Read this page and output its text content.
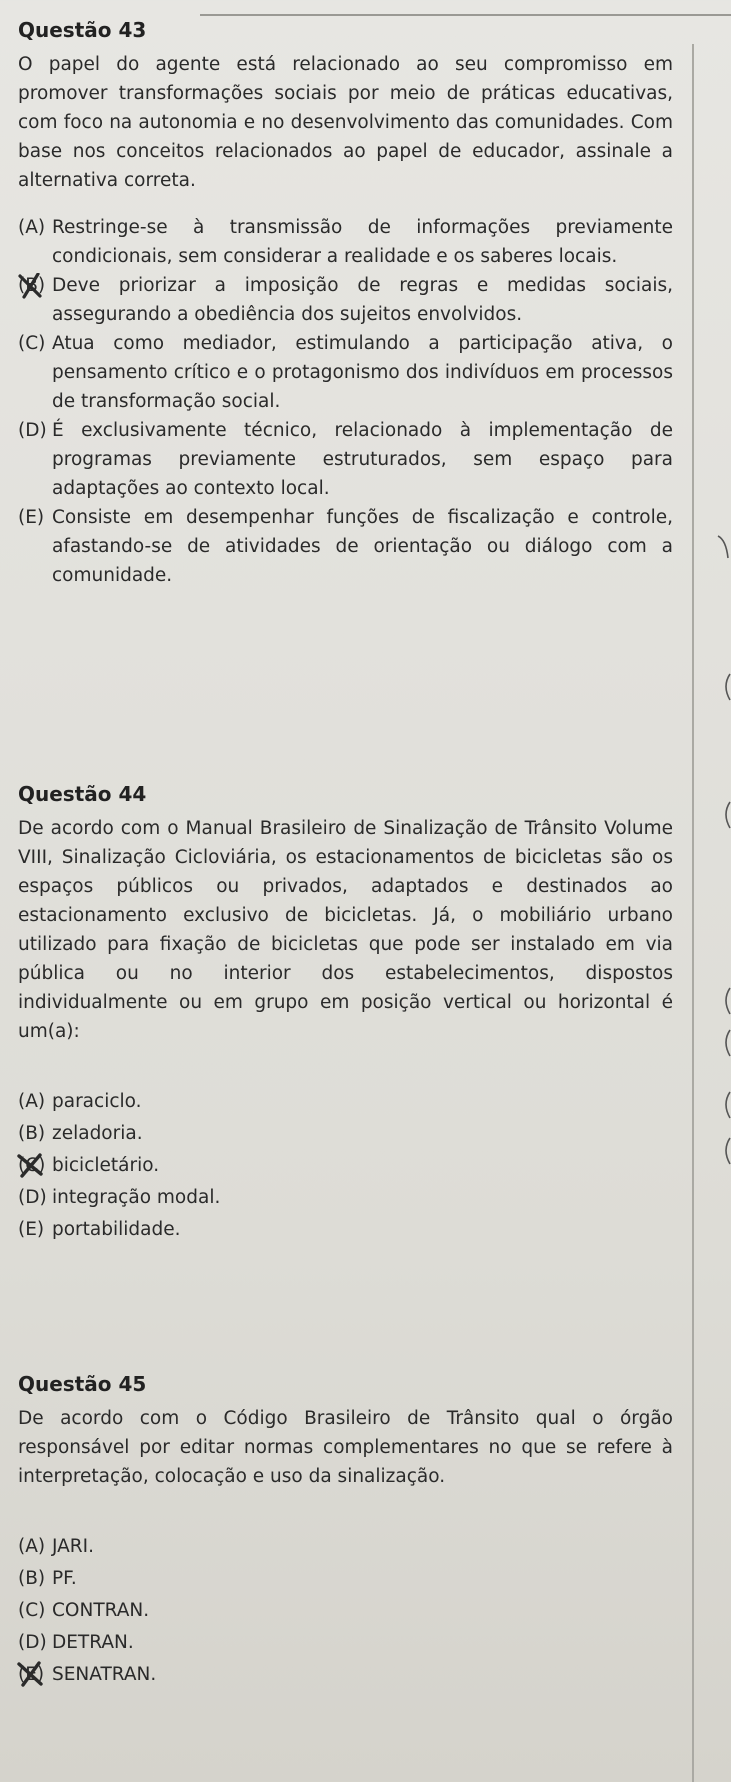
Questão 43
O papel do agente está relacionado ao seu compromisso em promover transformações sociais por meio de práticas educativas, com foco na autonomia e no desenvolvimento das comunidades. Com base nos conceitos relacionados ao papel de educador, assinale a alternativa correta.
(A) Restringe-se à transmissão de informações previamente condicionais, sem considerar a realidade e os saberes locais.
(B) Deve priorizar a imposição de regras e medidas sociais, assegurando a obediência dos sujeitos envolvidos.
(C) Atua como mediador, estimulando a participação ativa, o pensamento crítico e o protagonismo dos indivíduos em processos de transformação social.
(D) É exclusivamente técnico, relacionado à implementação de programas previamente estruturados, sem espaço para adaptações ao contexto local.
(E) Consiste em desempenhar funções de fiscalização e controle, afastando-se de atividades de orientação ou diálogo com a comunidade.
Questão 44
De acordo com o Manual Brasileiro de Sinalização de Trânsito Volume VIII, Sinalização Cicloviária, os estacionamentos de bicicletas são os espaços públicos ou privados, adaptados e destinados ao estacionamento exclusivo de bicicletas. Já, o mobiliário urbano utilizado para fixação de bicicletas que pode ser instalado em via pública ou no interior dos estabelecimentos, dispostos individualmente ou em grupo em posição vertical ou horizontal é um(a):
(A) paraciclo.
(B) zeladoria.
(C) bicicletário.
(D) integração modal.
(E) portabilidade.
Questão 45
De acordo com o Código Brasileiro de Trânsito qual o órgão responsável por editar normas complementares no que se refere à interpretação, colocação e uso da sinalização.
(A) JARI.
(B) PF.
(C) CONTRAN.
(D) DETRAN.
(E) SENATRAN.
